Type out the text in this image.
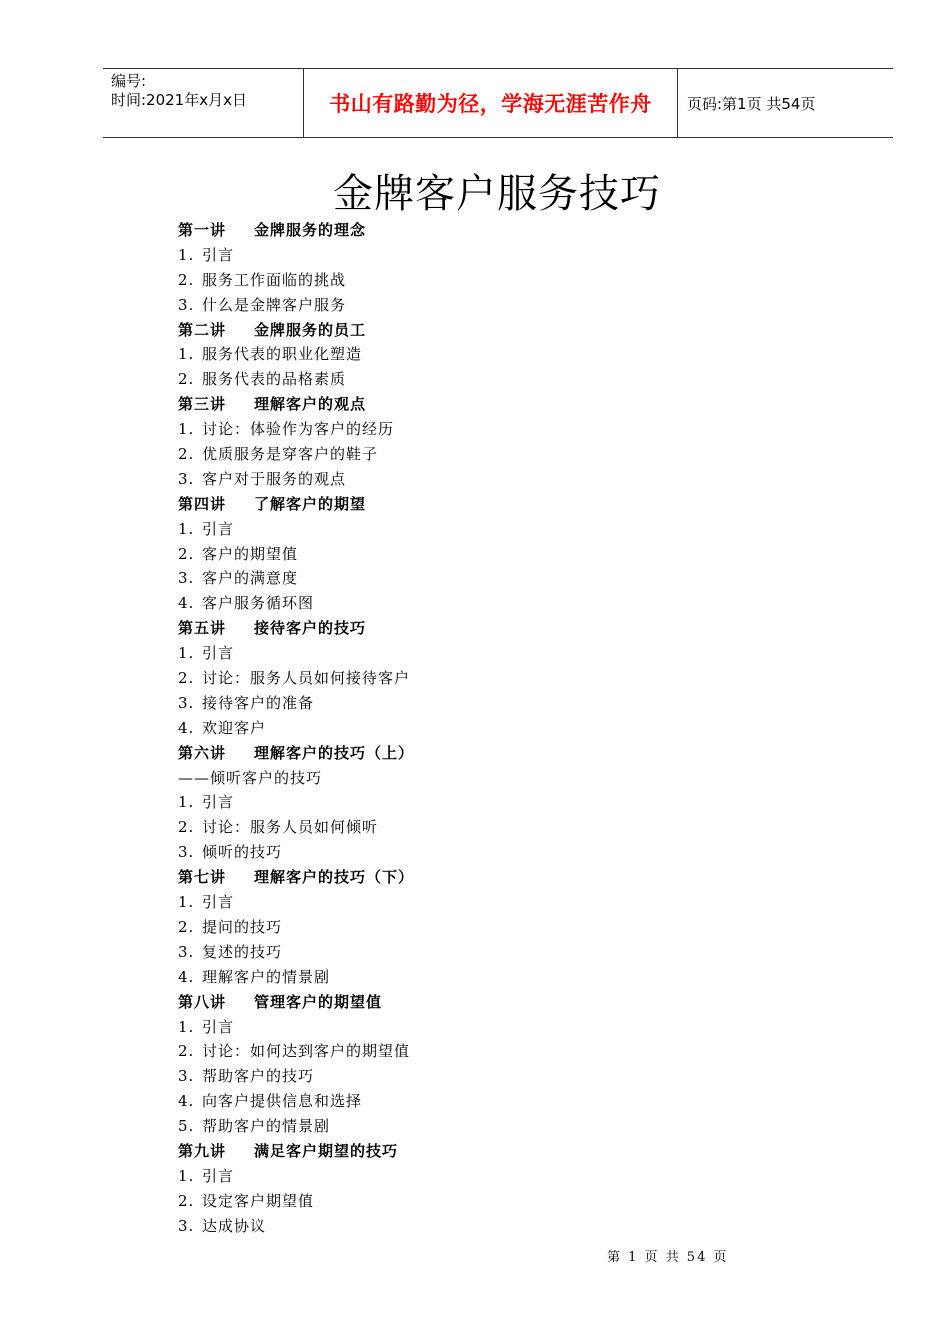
编号:
时间:2021年x月x日	书山有路勤为径，学海无涯苦作舟 页码:第1页 共54页
金牌客户服务技巧
第一讲 金牌服务的理念
1. 引言
2. 服务工作面临的挑战
3. 什么是金牌客户服务
第二讲 金牌服务的员工
1. 服务代表的职业化塑造
2. 服务代表的品格素质
第三讲 理解客户的观点
1. 讨论：体验作为客户的经历
2. 优质服务是穿客户的鞋子
3. 客户对于服务的观点
第四讲 了解客户的期望
1. 引言
2. 客户的期望值
3. 客户的满意度
4. 客户服务循环图
第五讲 接待客户的技巧
1. 引言
2. 讨论：服务人员如何接待客户
3. 接待客户的准备
4. 欢迎客户
第六讲 理解客户的技巧（上）
——倾听客户的技巧
1. 引言
2. 讨论：服务人员如何倾听
3. 倾听的技巧
第七讲 理解客户的技巧（下）
1. 引言
2. 提问的技巧
3. 复述的技巧
4. 理解客户的情景剧
第八讲 管理客户的期望值
1. 引言
2. 讨论：如何达到客户的期望值
3. 帮助客户的技巧
4. 向客户提供信息和选择
5. 帮助客户的情景剧
第九讲 满足客户期望的技巧
1. 引言
2. 设定客户期望值
3. 达成协议
第 1 页 共 54 页
